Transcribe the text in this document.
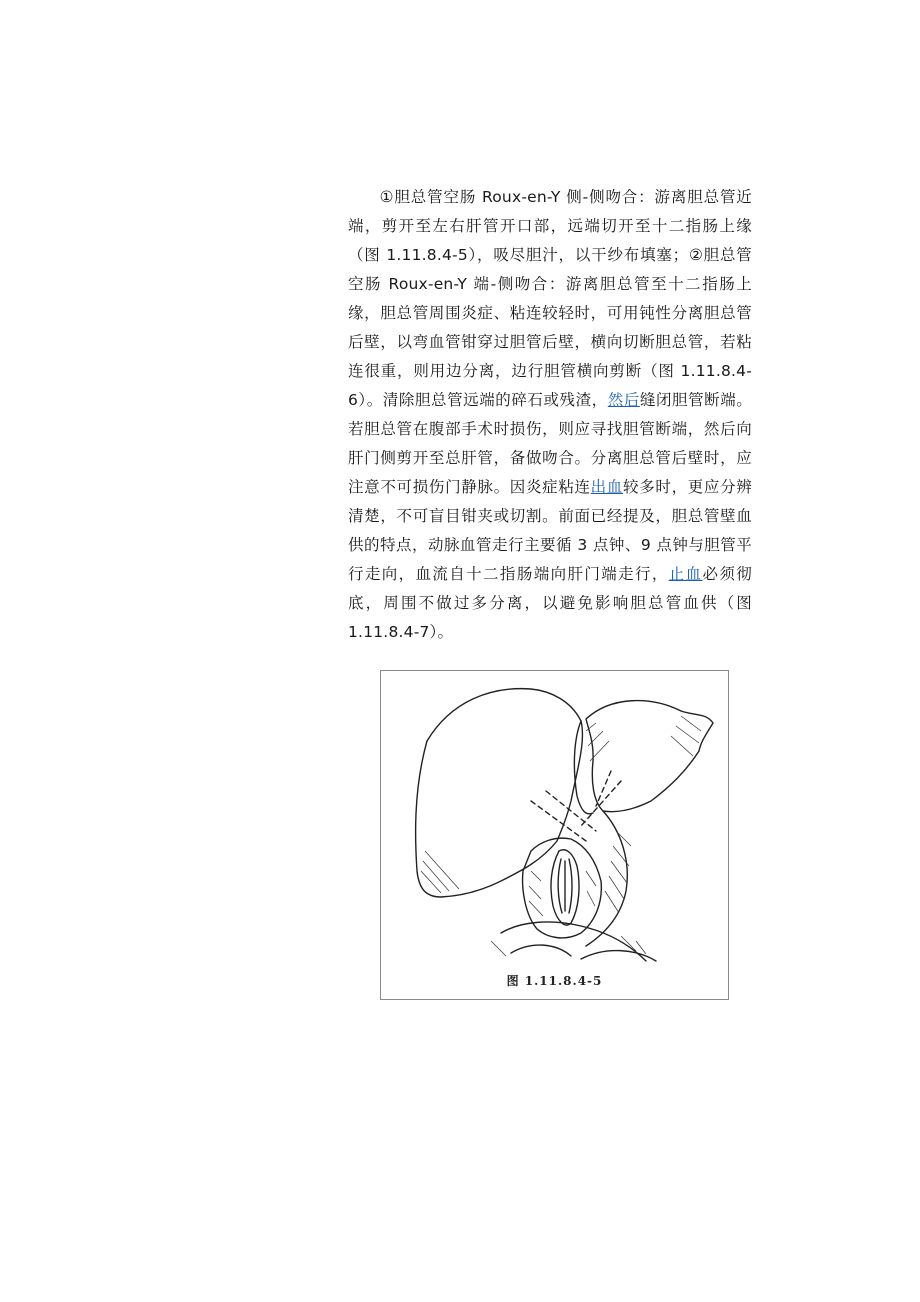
①胆总管空肠 Roux-en-Y 侧-侧吻合：游离胆总管近端，剪开至左右肝管开口部，远端切开至十二指肠上缘（图 1.11.8.4-5），吸尽胆汁，以干纱布填塞；②胆总管空肠 Roux-en-Y 端-侧吻合：游离胆总管至十二指肠上缘，胆总管周围炎症、粘连较轻时，可用钝性分离胆总管后壁，以弯血管钳穿过胆管后壁，横向切断胆总管，若粘连很重，则用边分离，边行胆管横向剪断（图 1.11.8.4-6）。清除胆总管远端的碎石或残渣，然后缝闭胆管断端。若胆总管在腹部手术时损伤，则应寻找胆管断端，然后向肝门侧剪开至总肝管，备做吻合。分离胆总管后壁时，应注意不可损伤门静脉。因炎症粘连出血较多时，更应分辨清楚，不可盲目钳夹或切割。前面已经提及，胆总管壁血供的特点，动脉血管走行主要循 3 点钟、9 点钟与胆管平行走向，血流自十二指肠端向肝门端走行，止血必须彻底，周围不做过多分离，以避免影响胆总管血供（图 1.11.8.4-7）。
图 1.11.8.4-5
